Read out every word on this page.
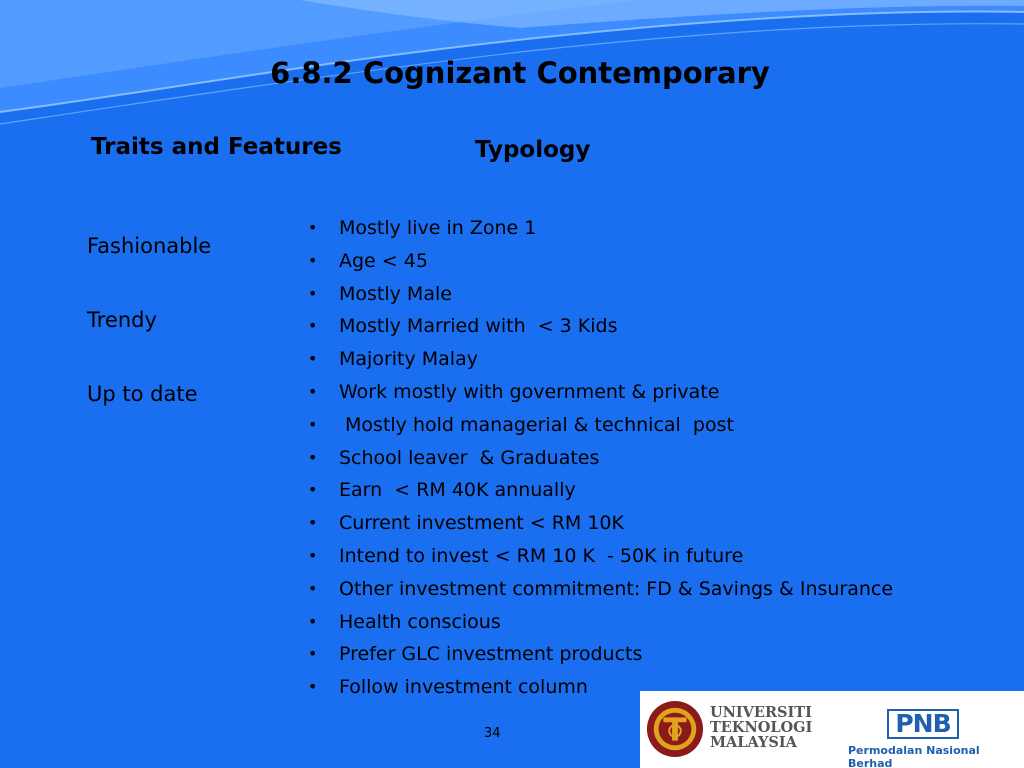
6.8.2 Cognizant Contemporary
Traits and Features	Typology
Fashionable
Trendy
Up to date
• Mostly live in Zone 1
• Age < 45
• Mostly Male
• Mostly Married with  < 3 Kids
• Majority Malay
• Work mostly with government & private
• Mostly hold managerial & technical  post
• School leaver  & Graduates
• Earn  < RM 40K annually
• Current investment < RM 10K
• Intend to invest < RM 10 K  - 50K in future
• Other investment commitment: FD & Savings & Insurance
• Health conscious
• Prefer GLC investment products
• Follow investment column
34
UNIVERSITI
TEKNOLOGI
MALAYSIA
PNB
Permodalan Nasional Berhad
